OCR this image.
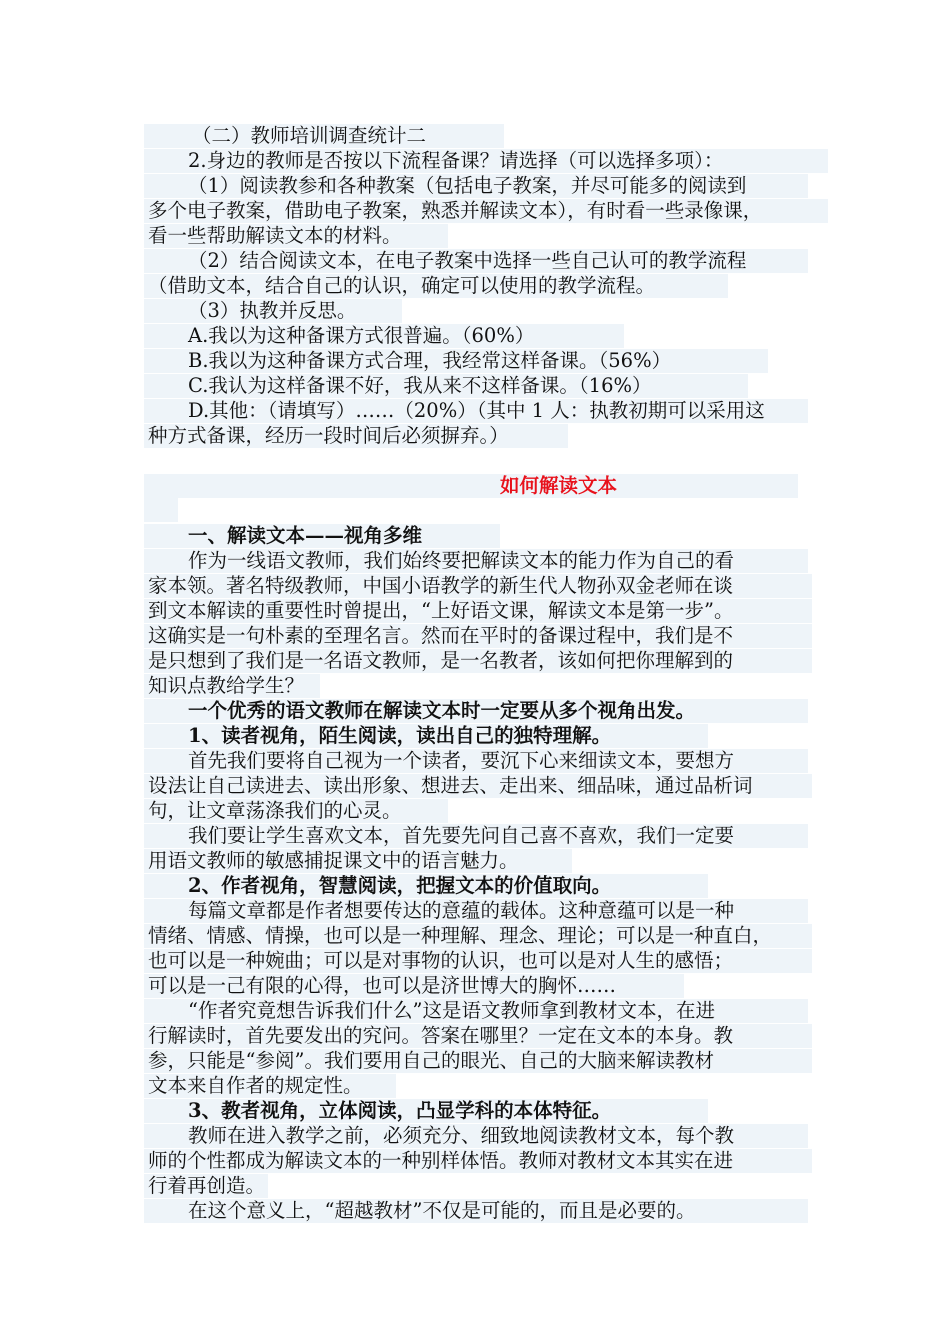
（二）教师培训调查统计二
2.身边的教师是否按以下流程备课？请选择（可以选择多项）：
（1）阅读教参和各种教案（包括电子教案，并尽可能多的阅读到
多个电子教案，借助电子教案，熟悉并解读文本），有时看一些录像课，
看一些帮助解读文本的材料。
（2）结合阅读文本，在电子教案中选择一些自己认可的教学流程
（借助文本，结合自己的认识，确定可以使用的教学流程。
（3）执教并反思。
A.我以为这种备课方式很普遍。（60%）
B.我以为这种备课方式合理，我经常这样备课。（56%）
C.我认为这样备课不好，我从来不这样备课。（16%）
D.其他：（请填写）……（20%）（其中 1 人：执教初期可以采用这
种方式备课，经历一段时间后必须摒弃。）
如何解读文本
一、解读文本——视角多维
作为一线语文教师，我们始终要把解读文本的能力作为自己的看
家本领。著名特级教师，中国小语教学的新生代人物孙双金老师在谈
到文本解读的重要性时曾提出，“上好语文课，解读文本是第一步”。
这确实是一句朴素的至理名言。然而在平时的备课过程中，我们是不
是只想到了我们是一名语文教师，是一名教者，该如何把你理解到的
知识点教给学生？
一个优秀的语文教师在解读文本时一定要从多个视角出发。
1、读者视角，陌生阅读，读出自己的独特理解。
首先我们要将自己视为一个读者，要沉下心来细读文本，要想方
设法让自己读进去、读出形象、想进去、走出来、细品味，通过品析词
句，让文章荡涤我们的心灵。
我们要让学生喜欢文本，首先要先问自己喜不喜欢，我们一定要
用语文教师的敏感捕捉课文中的语言魅力。
2、作者视角，智慧阅读，把握文本的价值取向。
每篇文章都是作者想要传达的意蕴的载体。这种意蕴可以是一种
情绪、情感、情操，也可以是一种理解、理念、理论；可以是一种直白，
也可以是一种婉曲；可以是对事物的认识，也可以是对人生的感悟；
可以是一己有限的心得，也可以是济世博大的胸怀……
“作者究竟想告诉我们什么”这是语文教师拿到教材文本，在进
行解读时，首先要发出的究问。答案在哪里？一定在文本的本身。教
参，只能是“参阅”。我们要用自己的眼光、自己的大脑来解读教材
文本来自作者的规定性。
3、教者视角，立体阅读，凸显学科的本体特征。
教师在进入教学之前，必须充分、细致地阅读教材文本，每个教
师的个性都成为解读文本的一种别样体悟。教师对教材文本其实在进
行着再创造。
在这个意义上，“超越教材”不仅是可能的，而且是必要的。
